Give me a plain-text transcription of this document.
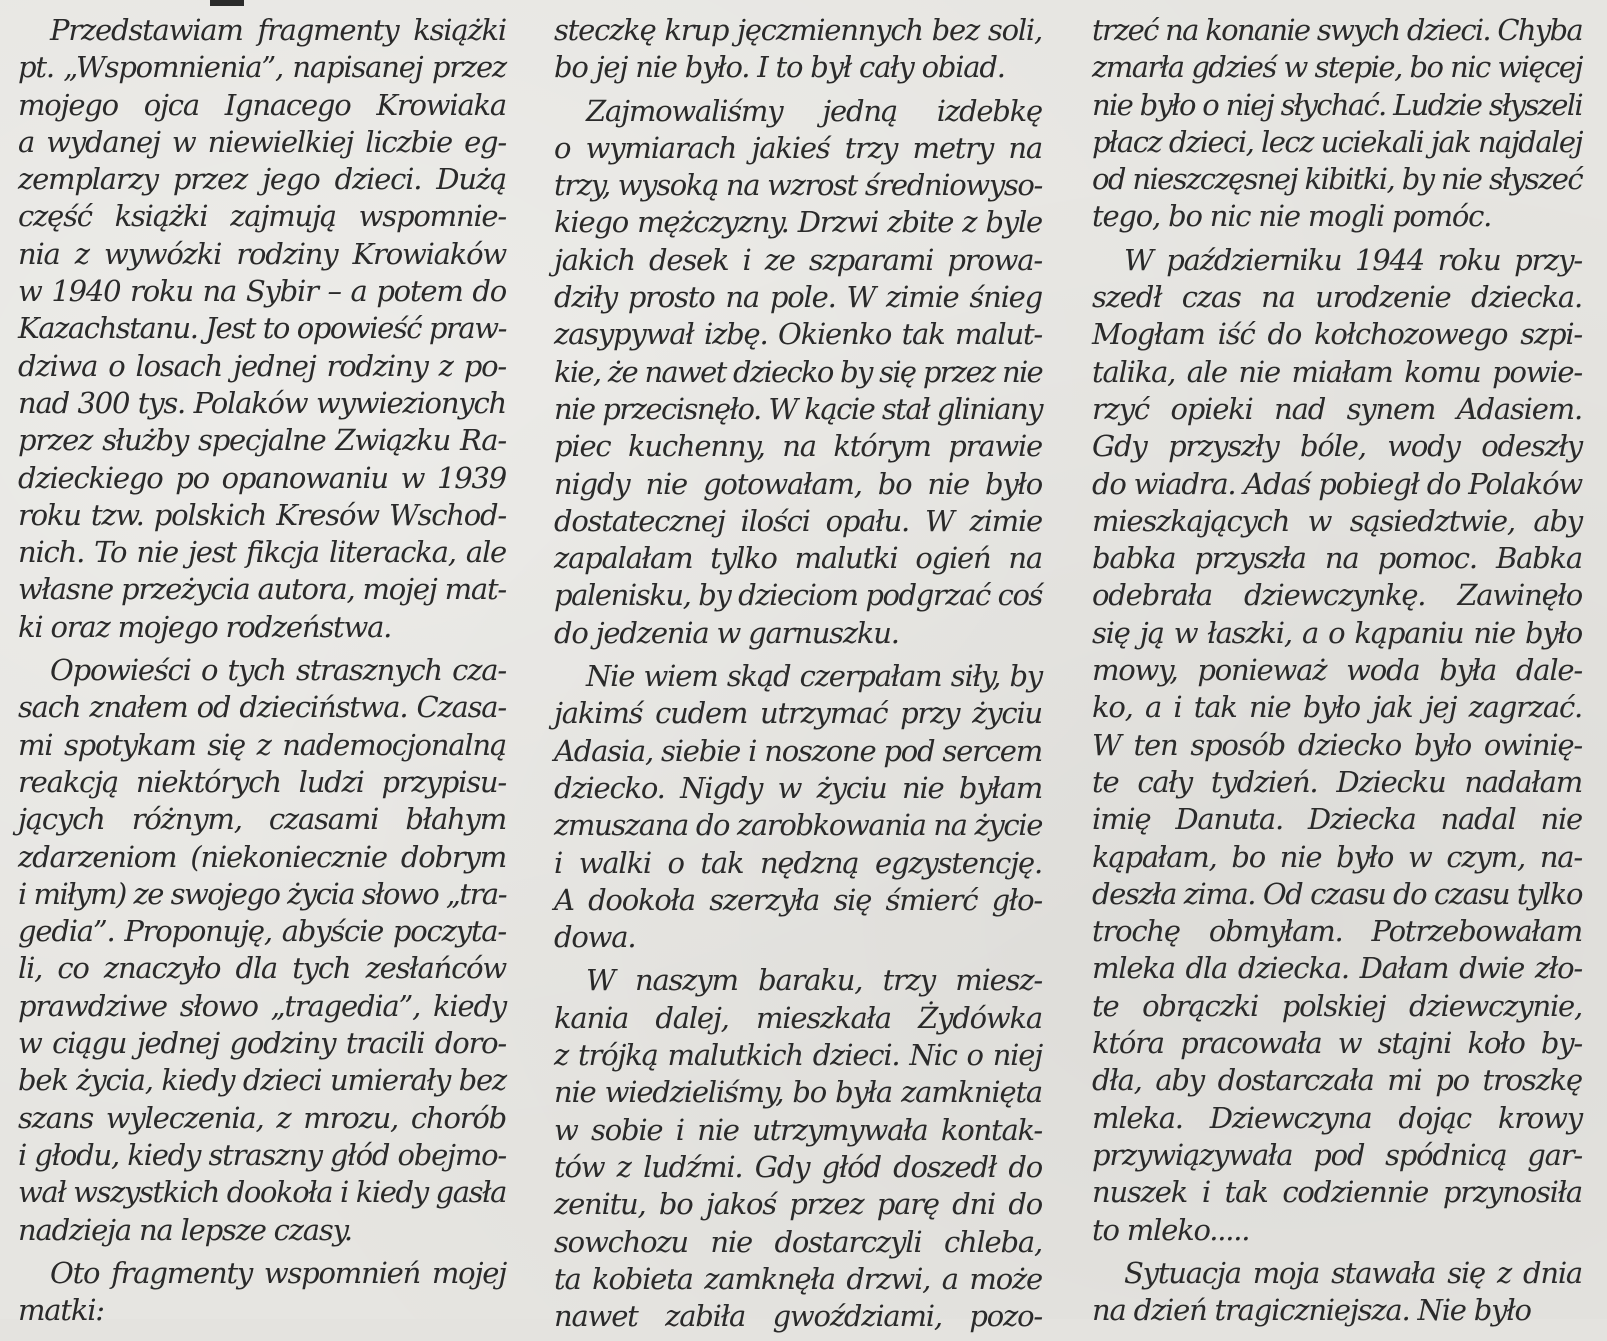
Przedstawiam fragmenty książki
pt. „Wspomnienia”, napisanej przez
mojego ojca Ignacego Krowiaka
a wydanej w niewielkiej liczbie eg-
zemplarzy przez jego dzieci. Dużą
część książki zajmują wspomnie-
nia z wywózki rodziny Krowiaków
w 1940 roku na Sybir – a potem do
Kazachstanu. Jest to opowieść praw-
dziwa o losach jednej rodziny z po-
nad 300 tys. Polaków wywiezionych
przez służby specjalne Związku Ra-
dzieckiego po opanowaniu w 1939
roku tzw. polskich Kresów Wschod-
nich. To nie jest fikcja literacka, ale
własne przeżycia autora, mojej mat-
ki oraz mojego rodzeństwa.
Opowieści o tych strasznych cza-
sach znałem od dzieciństwa. Czasa-
mi spotykam się z nademocjonalną
reakcją niektórych ludzi przypisu-
jących różnym, czasami błahym
zdarzeniom (niekoniecznie dobrym
i miłym) ze swojego życia słowo „tra-
gedia”. Proponuję, abyście poczyta-
li, co znaczyło dla tych zesłańców
prawdziwe słowo „tragedia”, kiedy
w ciągu jednej godziny tracili doro-
bek życia, kiedy dzieci umierały bez
szans wyleczenia, z mrozu, chorób
i głodu, kiedy straszny głód obejmo-
wał wszystkich dookoła i kiedy gasła
nadzieja na lepsze czasy.
Oto fragmenty wspomnień mojej
matki:
steczkę krup jęczmiennych bez soli,
bo jej nie było. I to był cały obiad.
Zajmowaliśmy jedną izdebkę
o wymiarach jakieś trzy metry na
trzy, wysoką na wzrost średniowyso-
kiego mężczyzny. Drzwi zbite z byle
jakich desek i ze szparami prowa-
dziły prosto na pole. W zimie śnieg
zasypywał izbę. Okienko tak malut-
kie, że nawet dziecko by się przez nie
nie przecisnęło. W kącie stał gliniany
piec kuchenny, na którym prawie
nigdy nie gotowałam, bo nie było
dostatecznej ilości opału. W zimie
zapalałam tylko malutki ogień na
palenisku, by dzieciom podgrzać coś
do jedzenia w garnuszku.
Nie wiem skąd czerpałam siły, by
jakimś cudem utrzymać przy życiu
Adasia, siebie i noszone pod sercem
dziecko. Nigdy w życiu nie byłam
zmuszana do zarobkowania na życie
i walki o tak nędzną egzystencję.
A dookoła szerzyła się śmierć gło-
dowa.
W naszym baraku, trzy miesz-
kania dalej, mieszkała Żydówka
z trójką malutkich dzieci. Nic o niej
nie wiedzieliśmy, bo była zamknięta
w sobie i nie utrzymywała kontak-
tów z ludźmi. Gdy głód doszedł do
zenitu, bo jakoś przez parę dni do
sowchozu nie dostarczyli chleba,
ta kobieta zamknęła drzwi, a może
nawet zabiła gwoździami, pozo-
trzeć na konanie swych dzieci. Chyba
zmarła gdzieś w stepie, bo nic więcej
nie było o niej słychać. Ludzie słyszeli
płacz dzieci, lecz uciekali jak najdalej
od nieszczęsnej kibitki, by nie słyszeć
tego, bo nic nie mogli pomóc.
W październiku 1944 roku przy-
szedł czas na urodzenie dziecka.
Mogłam iść do kołchozowego szpi-
talika, ale nie miałam komu powie-
rzyć opieki nad synem Adasiem.
Gdy przyszły bóle, wody odeszły
do wiadra. Adaś pobiegł do Polaków
mieszkających w sąsiedztwie, aby
babka przyszła na pomoc. Babka
odebrała dziewczynkę. Zawinęło
się ją w łaszki, a o kąpaniu nie było
mowy, ponieważ woda była dale-
ko, a i tak nie było jak jej zagrzać.
W ten sposób dziecko było owinię-
te cały tydzień. Dziecku nadałam
imię Danuta. Dziecka nadal nie
kąpałam, bo nie było w czym, na-
deszła zima. Od czasu do czasu tylko
trochę obmyłam. Potrzebowałam
mleka dla dziecka. Dałam dwie zło-
te obrączki polskiej dziewczynie,
która pracowała w stajni koło by-
dła, aby dostarczała mi po troszkę
mleka. Dziewczyna dojąc krowy
przywiązywała pod spódnicą gar-
nuszek i tak codziennie przynosiła
to mleko.....
Sytuacja moja stawała się z dnia
na dzień tragiczniejsza. Nie było
